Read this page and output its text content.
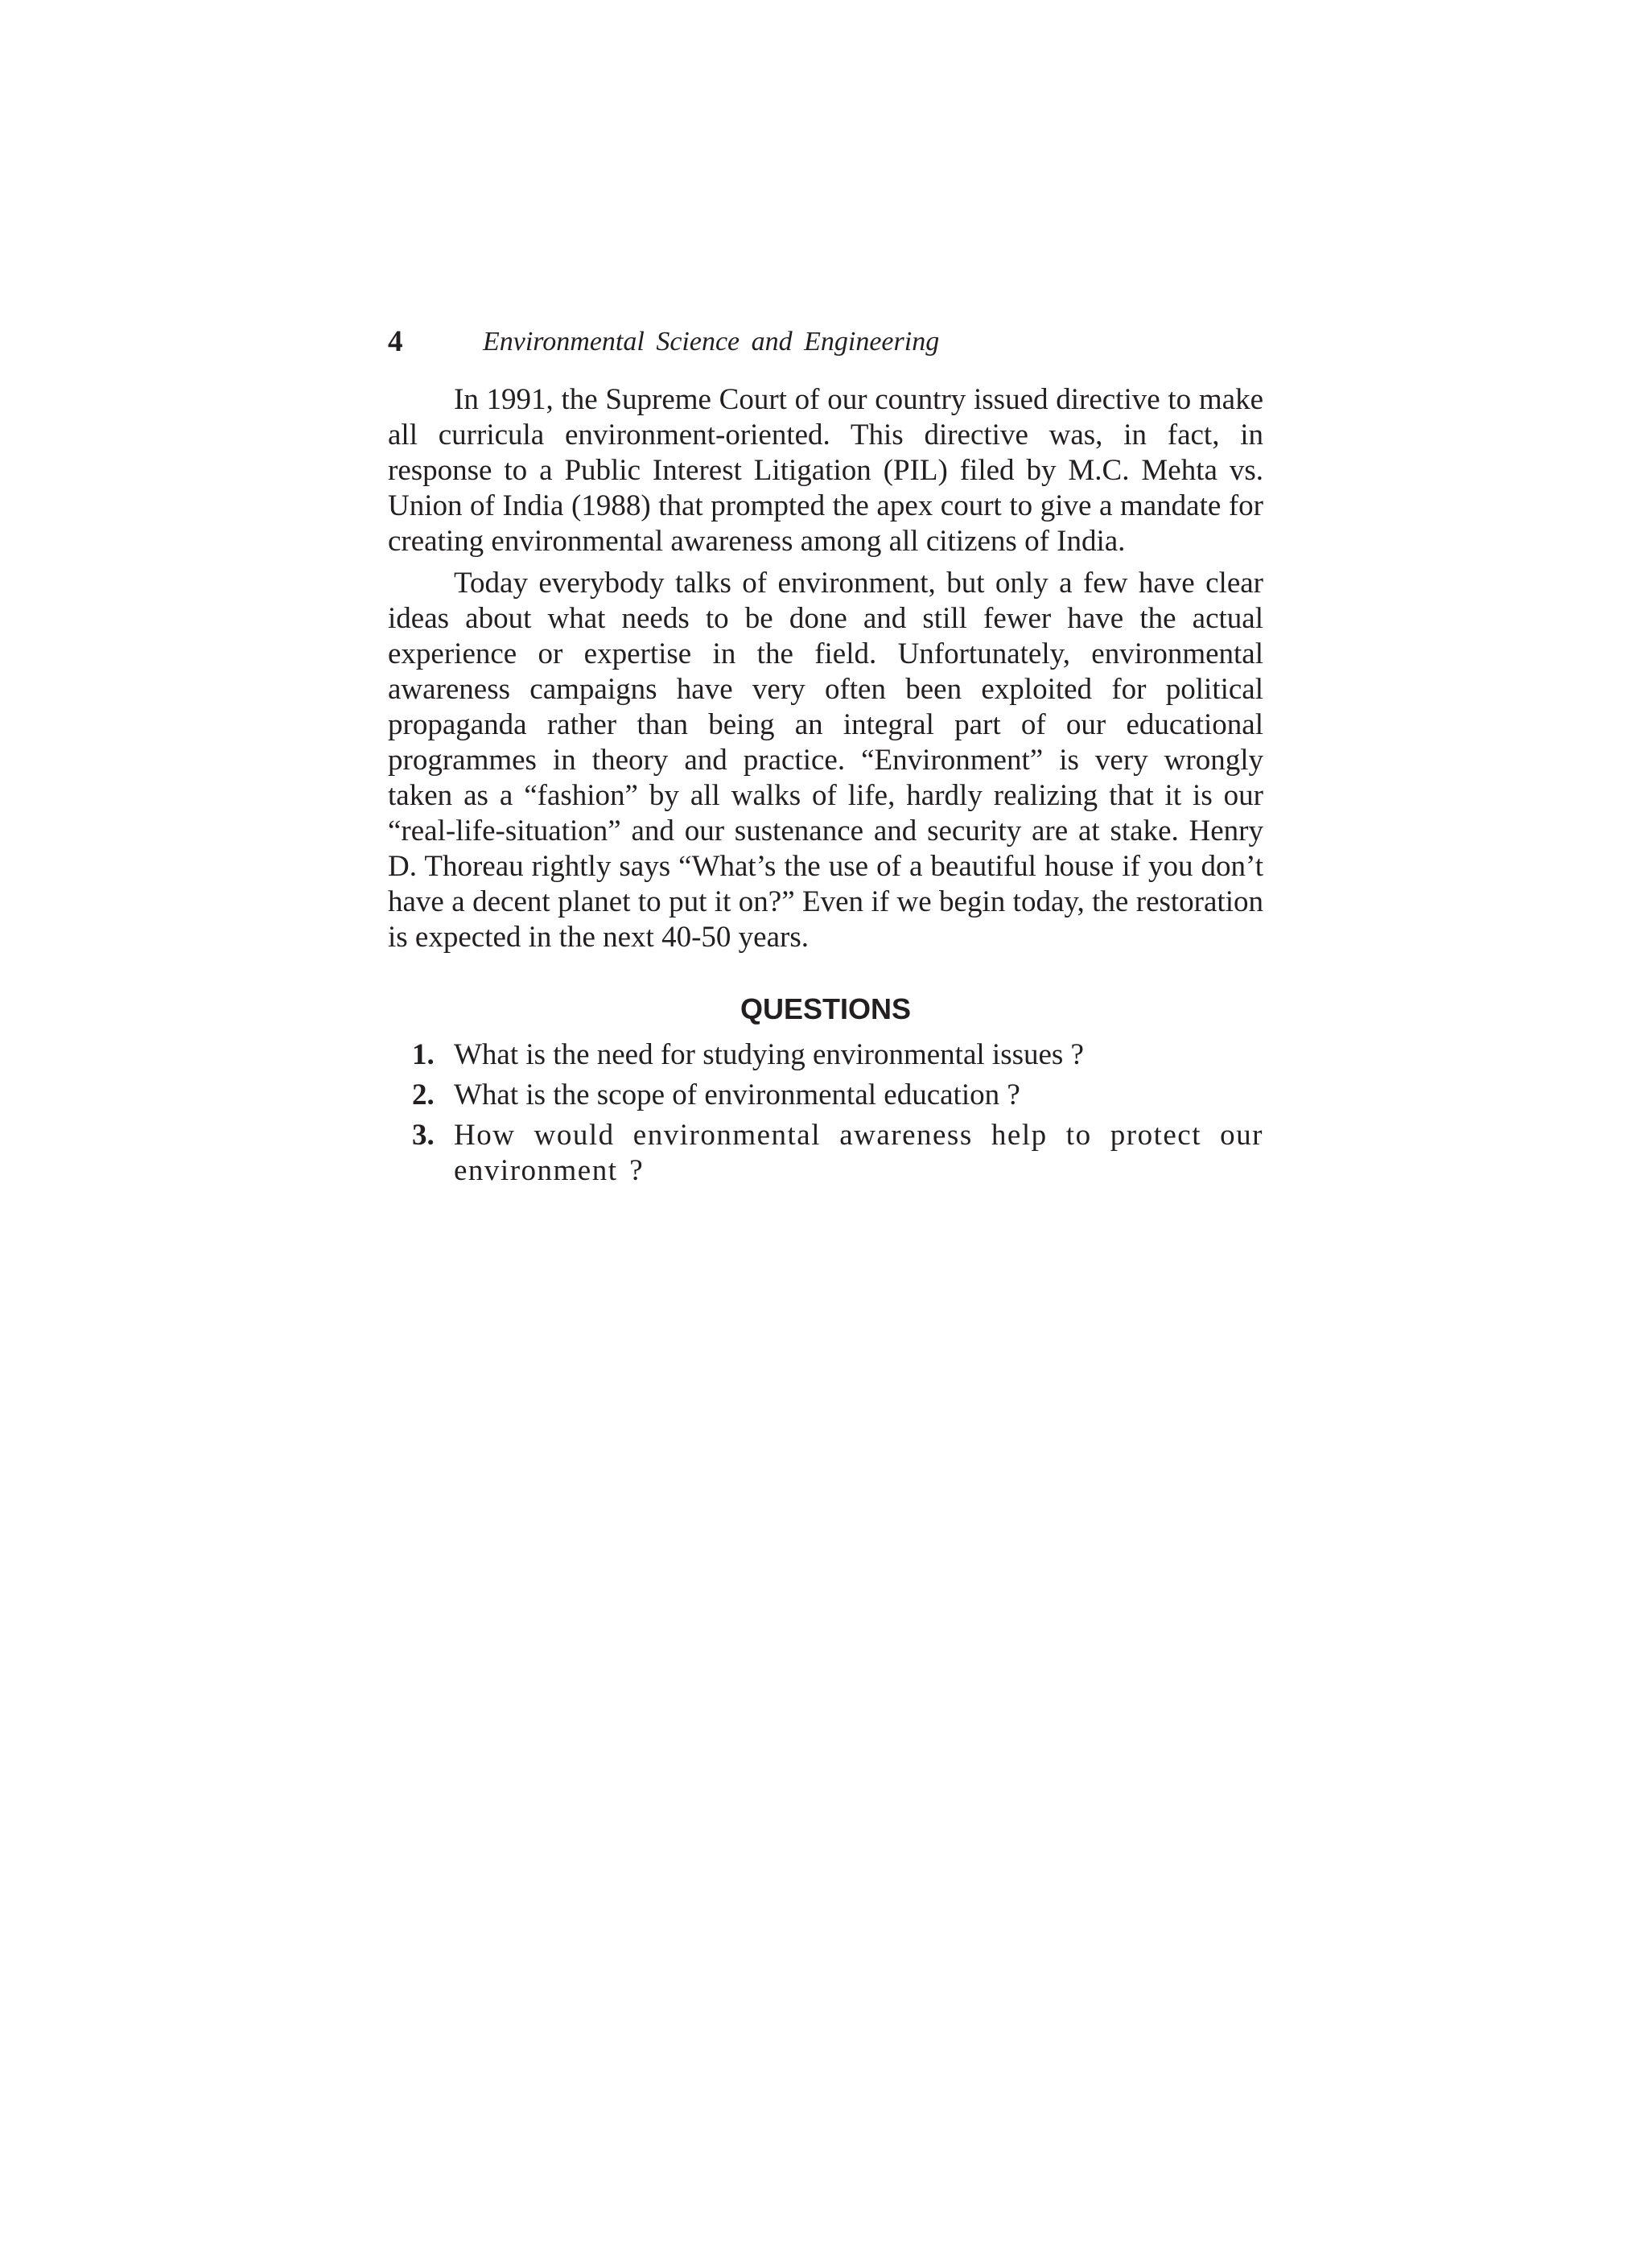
4	Environmental Science and Engineering

In 1991, the Supreme Court of our country issued directive to make all curricula environment-oriented. This directive was, in fact, in response to a Public Interest Litigation (PIL) filed by M.C. Mehta vs. Union of India (1988) that prompted the apex court to give a mandate for creating environmental awareness among all citizens of India.

Today everybody talks of environment, but only a few have clear ideas about what needs to be done and still fewer have the actual experience or expertise in the field. Unfortunately, environmental awareness campaigns have very often been exploited for political propaganda rather than being an integral part of our educational programmes in theory and practice. “Environment” is very wrongly taken as a “fashion” by all walks of life, hardly realizing that it is our “real-life-situation” and our sustenance and security are at stake. Henry D. Thoreau rightly says “What’s the use of a beautiful house if you don’t have a decent planet to put it on?” Even if we begin today, the restoration is expected in the next 40-50 years.

QUESTIONS
1. What is the need for studying environmental issues ?
2. What is the scope of environmental education ?
3. How would environmental awareness help to protect our environment ?
